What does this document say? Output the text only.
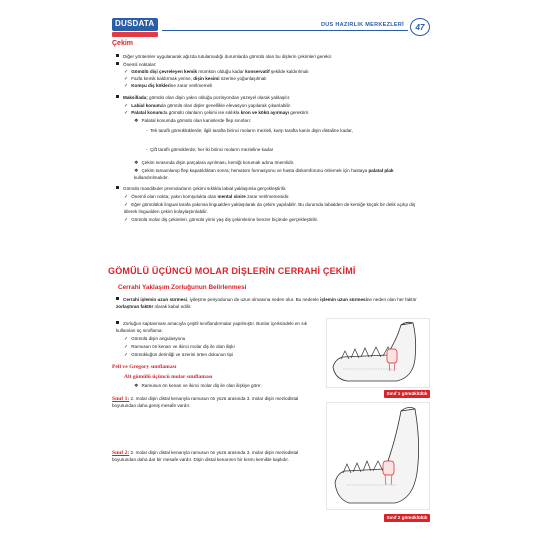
DUSDATA	DUS HAZIRLIK MERKEZLERİ	47
Çekim
Diğer yöntemler uygulanarak ağızda tutulamadığı durumlarda gömülü olan bu dişlerin çekimleri gerekir.
Önemli noktalar:
✓ Gömülü dişi çevreleyen kemik mümkün olduğu kadar konservatif şekilde kaldırılmalı
✓ Fazla kemik kaldırmak yerine, dişin kesimi üzerine yoğunlaşılmalı
✓ Komşu diş köklerine zarar verilmemeli
Maksillada; gömülü olan dişin yakın olduğu pozisyondan yüzeyel olarak yaklaşılır.
✓ Labial konumda gömülü olan dişler genellikle elevasyon yapılarak çıkarılabilir.
✓ Palatal konumda gömülü olanların çekimi ise sıklıkla kron ve kökü ayırmayı gerektirir.
❖ Palatal konumda gömülü olan kaninlerde flep sınırları:
-  Tek taraflı gömüklüklerde; ilgili tarafta birinci moların mezieli, karşı tarafta kanin dişin distaline kadar,
-  Çift taraflı gömüklerde; her iki birinci moların mezieline kadar
❖ Çekim sırasında dişin parçalara ayrılması, kemiği korumak adına önemlidir.
❖ Çekim tamamlanıp flep kapatıldıktan sonra; hematom formasyonu ve hasta diskomforunu önlemek için hastaya palatal plak kullandırılmalıdır.
Gömülü mandibuler premolarların çekimi sıklıkla labial yaklaşımla gerçekleştirilir.
✓ Önemli olan nokta; yakın komşulukta olan mental sinire zarar verilmemesidir.
✓ Eğer gömülülük lingual tarafa yakınsa lingualden yaklaşılarak da çekim yapılabilir. Bu durumda labialden de kemiğe küçük bir delik açılıp diş itilerek lingualden çekim kolaylaştırılabilir.
✓ Gömülü molar diş çekimleri, gömülü yirmi yaş diş çekimlerine benzer biçimde gerçekleştirilir.
GÖMÜLÜ ÜÇÜNCÜ MOLAR DİŞLERİN CERRAHİ ÇEKİMİ
Cerrahi Yaklaşım Zorluğunun Belirlenmesi
Cerrahi işlemin uzun sürmesi, iyileşme periyodunun de uzun olmasına neden olur. Bu nedenle işlemin uzun sürmesine neden olan her faktör zorlaştıran faktör olarak kabul edilir.
Zorluğun saptanması amacıyla çeşitli sınıflandırmalar yapılmıştır. Bunlar içerisindeki en sık kullanılan üç sınıflama:
✓ Gömülü dişin angulasyonu
✓ Ramusun ön kenarı ve ikinci molar diş ile olan ilişki
✓ Gömükluğün derinliği ve üzerini örten dokunun tipi
Pell ve Gregory sınıflaması
Alt gömülü üçüncü molar sınıflaması
❖ Ramusun ön kenarı ve ikinci molar diş ile olan ilişkiye göre:
Sınıf 1: 2. molar dişin distal kenarıyla ramusun ön yüzü arasında 3. molar dişin meziodistal boyutundan daha geniş mesafe vardır.
Sınıf 2: 2. molar dişin distal kenarıyla ramusun ön yüzü arasında 3. molar dişin meziodistal boyutundan daha dar bir mesafe vardır. Dişin distal kenarının bir kısmı kemikle kaplıdır.
Sınıf 1 gömüklülük
Sınıf 2 gömüklülük
